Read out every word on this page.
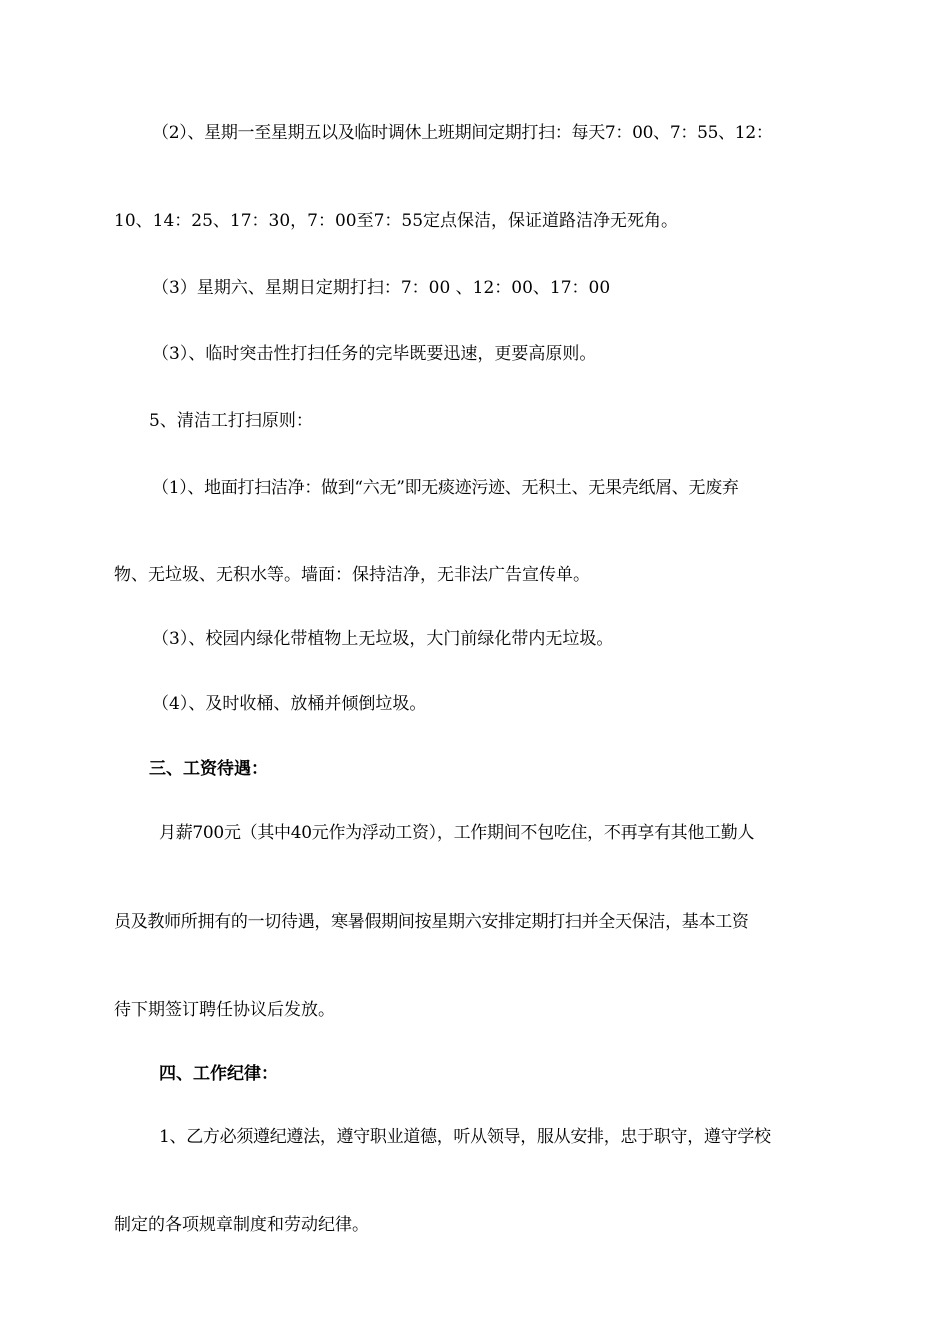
（2）、星期一至星期五以及临时调休上班期间定期打扫：每天7：00、7：55、12：
10、14：25、17：30，7：00至7：55定点保洁，保证道路洁净无死角。
（3）星期六、星期日定期打扫：7：00 、12：00、17：00
（3）、临时突击性打扫任务的完毕既要迅速，更要高原则。
5、清洁工打扫原则：
（1）、地面打扫洁净：做到“六无”即无痰迹污迹、无积土、无果壳纸屑、无废弃
物、无垃圾、无积水等。墙面：保持洁净，无非法广告宣传单。
（3）、校园内绿化带植物上无垃圾，大门前绿化带内无垃圾。
（4）、及时收桶、放桶并倾倒垃圾。
三、工资待遇：
月薪700元（其中40元作为浮动工资），工作期间不包吃住，不再享有其他工勤人
员及教师所拥有的一切待遇，寒暑假期间按星期六安排定期打扫并全天保洁，基本工资
待下期签订聘任协议后发放。
四、工作纪律：
1、乙方必须遵纪遵法，遵守职业道德，听从领导，服从安排，忠于职守，遵守学校
制定的各项规章制度和劳动纪律。
